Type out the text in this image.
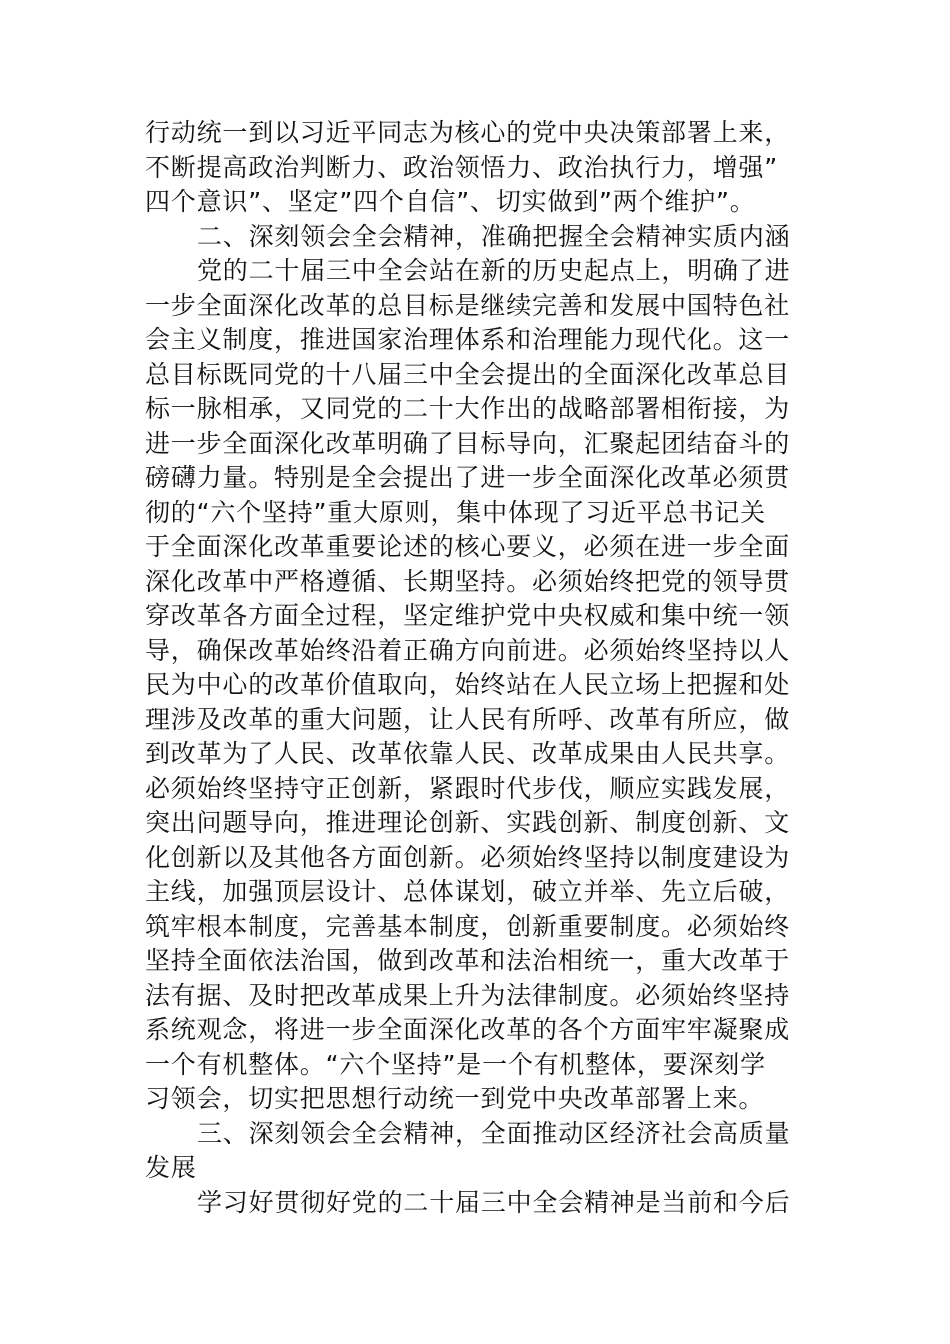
行动统一到以习近平同志为核心的党中央决策部署上来，
不断提高政治判断力、政治领悟力、政治执行力，增强”
四个意识”、坚定”四个自信”、切实做到”两个维护”。
二、深刻领会全会精神，准确把握全会精神实质内涵
党的二十届三中全会站在新的历史起点上，明确了进
一步全面深化改革的总目标是继续完善和发展中国特色社
会主义制度，推进国家治理体系和治理能力现代化。这一
总目标既同党的十八届三中全会提出的全面深化改革总目
标一脉相承，又同党的二十大作出的战略部署相衔接，为
进一步全面深化改革明确了目标导向，汇聚起团结奋斗的
磅礴力量。特别是全会提出了进一步全面深化改革必须贯
彻的“六个坚持”重大原则，集中体现了习近平总书记关
于全面深化改革重要论述的核心要义，必须在进一步全面
深化改革中严格遵循、长期坚持。必须始终把党的领导贯
穿改革各方面全过程，坚定维护党中央权威和集中统一领
导，确保改革始终沿着正确方向前进。必须始终坚持以人
民为中心的改革价值取向，始终站在人民立场上把握和处
理涉及改革的重大问题，让人民有所呼、改革有所应，做
到改革为了人民、改革依靠人民、改革成果由人民共享。
必须始终坚持守正创新，紧跟时代步伐，顺应实践发展，
突出问题导向，推进理论创新、实践创新、制度创新、文
化创新以及其他各方面创新。必须始终坚持以制度建设为
主线，加强顶层设计、总体谋划，破立并举、先立后破，
筑牢根本制度，完善基本制度，创新重要制度。必须始终
坚持全面依法治国，做到改革和法治相统一，重大改革于
法有据、及时把改革成果上升为法律制度。必须始终坚持
系统观念，将进一步全面深化改革的各个方面牢牢凝聚成
一个有机整体。“六个坚持”是一个有机整体，要深刻学
习领会，切实把思想行动统一到党中央改革部署上来。
三、深刻领会全会精神，全面推动区经济社会高质量
发展
学习好贯彻好党的二十届三中全会精神是当前和今后
